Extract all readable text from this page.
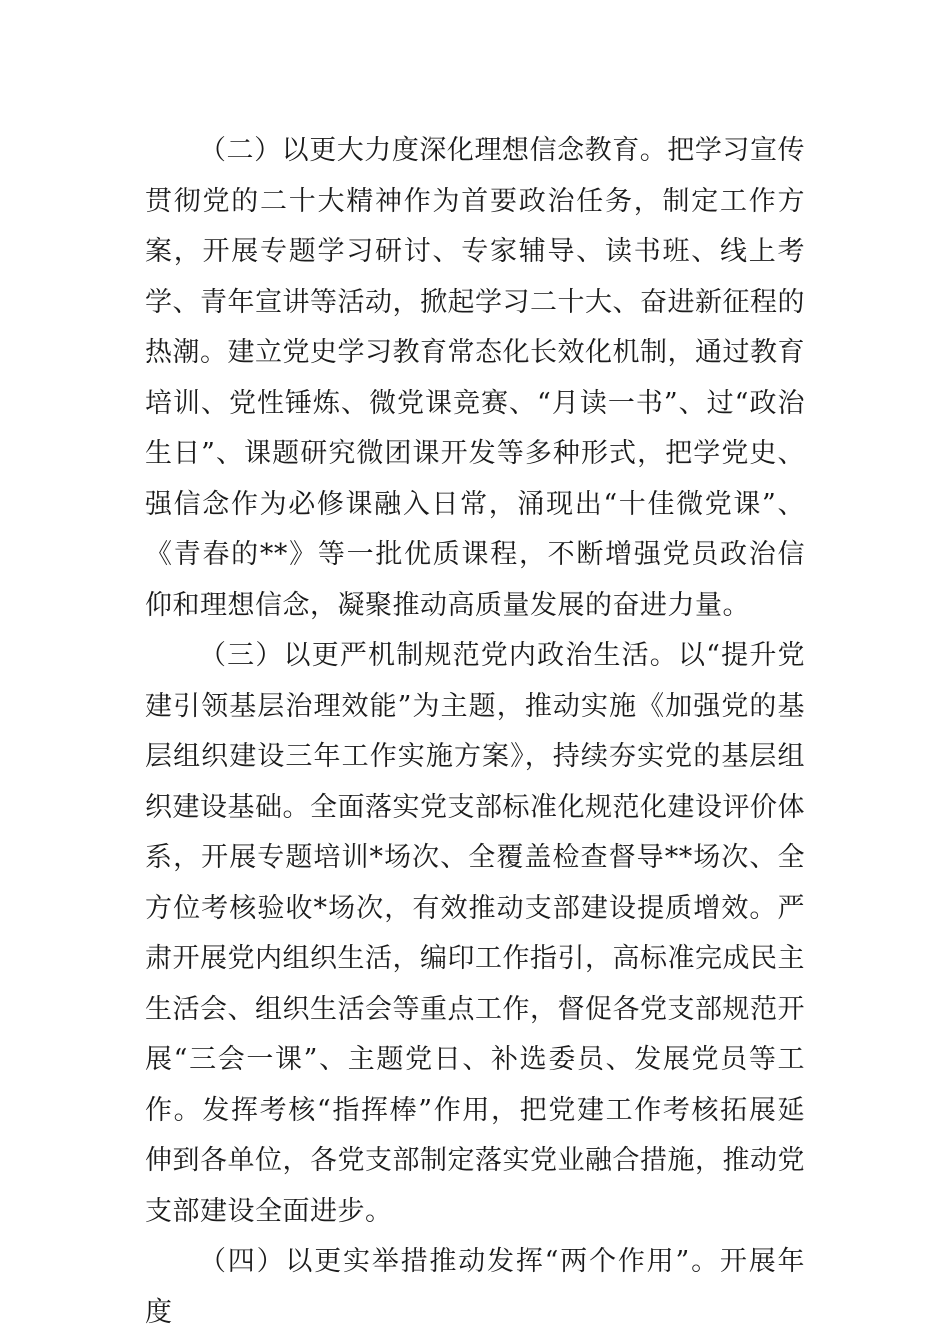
（二）以更大力度深化理想信念教育。把学习宣传贯彻党的二十大精神作为首要政治任务，制定工作方案，开展专题学习研讨、专家辅导、读书班、线上考学、青年宣讲等活动，掀起学习二十大、奋进新征程的热潮。建立党史学习教育常态化长效化机制，通过教育培训、党性锤炼、微党课竞赛、“月读一书”、过“政治生日”、课题研究微团课开发等多种形式，把学党史、强信念作为必修课融入日常，涌现出“十佳微党课”、《青春的**》等一批优质课程，不断增强党员政治信仰和理想信念，凝聚推动高质量发展的奋进力量。

（三）以更严机制规范党内政治生活。以“提升党建引领基层治理效能”为主题，推动实施《加强党的基层组织建设三年工作实施方案》，持续夯实党的基层组织建设基础。全面落实党支部标准化规范化建设评价体系，开展专题培训*场次、全覆盖检查督导**场次、全方位考核验收*场次，有效推动支部建设提质增效。严肃开展党内组织生活，编印工作指引，高标准完成民主生活会、组织生活会等重点工作，督促各党支部规范开展“三会一课”、主题党日、补选委员、发展党员等工作。发挥考核“指挥棒”作用，把党建工作考核拓展延伸到各单位，各党支部制定落实党业融合措施，推动党支部建设全面进步。

（四）以更实举措推动发挥“两个作用”。开展年度
